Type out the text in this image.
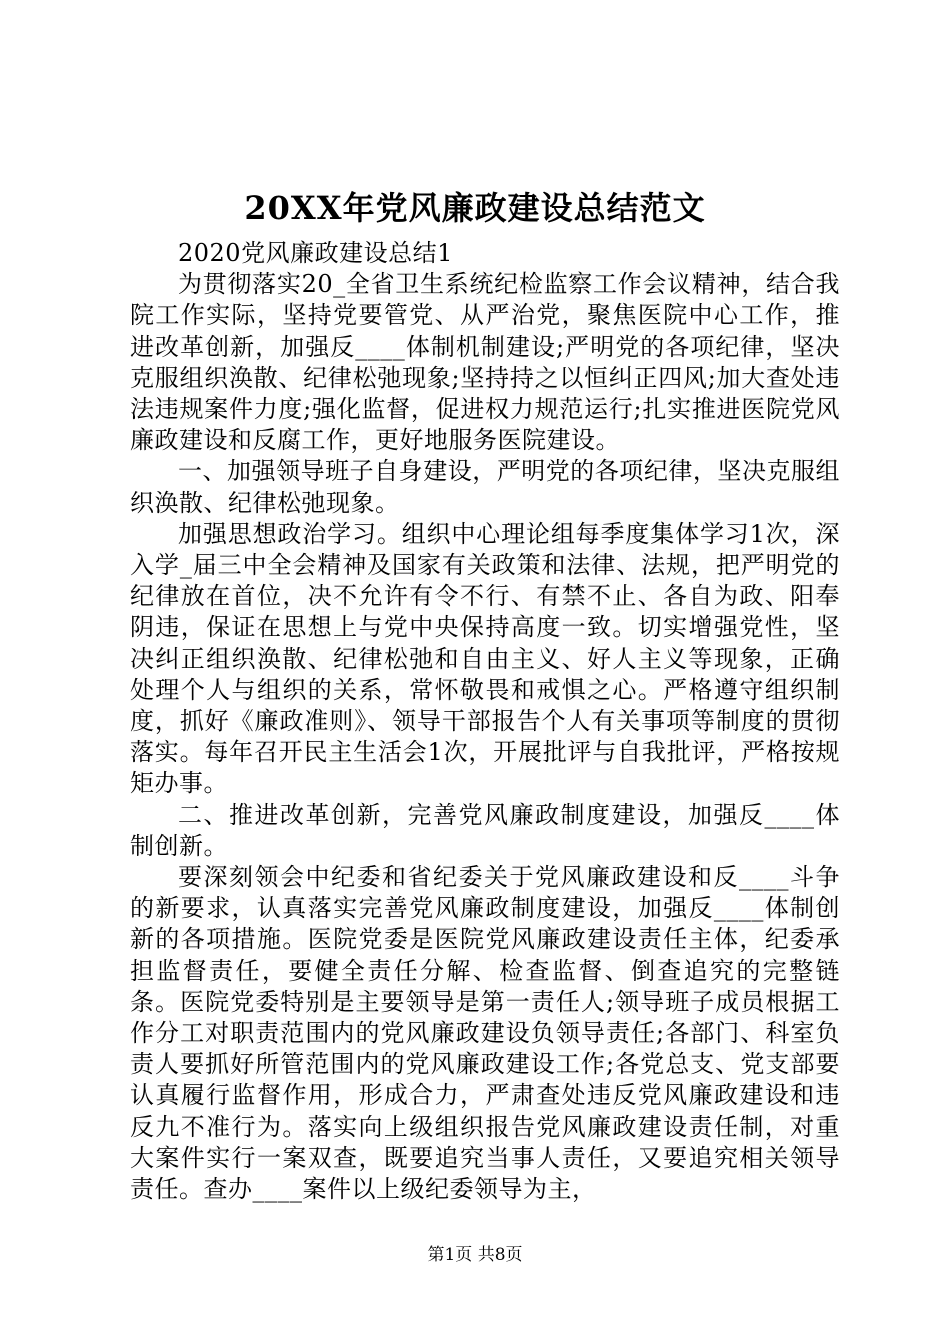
20XX年党风廉政建设总结范文

2020党风廉政建设总结1

为贯彻落实20_全省卫生系统纪检监察工作会议精神，结合我院工作实际，坚持党要管党、从严治党，聚焦医院中心工作，推进改革创新，加强反____体制机制建设;严明党的各项纪律，坚决克服组织涣散、纪律松弛现象;坚持持之以恒纠正四风;加大查处违法违规案件力度;强化监督，促进权力规范运行;扎实推进医院党风廉政建设和反腐工作，更好地服务医院建设。

一、加强领导班子自身建设，严明党的各项纪律，坚决克服组织涣散、纪律松弛现象。

加强思想政治学习。组织中心理论组每季度集体学习1次，深入学_届三中全会精神及国家有关政策和法律、法规，把严明党的纪律放在首位，决不允许有令不行、有禁不止、各自为政、阳奉阴违，保证在思想上与党中央保持高度一致。切实增强党性，坚决纠正组织涣散、纪律松弛和自由主义、好人主义等现象，正确处理个人与组织的关系，常怀敬畏和戒惧之心。严格遵守组织制度，抓好《廉政准则》、领导干部报告个人有关事项等制度的贯彻落实。每年召开民主生活会1次，开展批评与自我批评，严格按规矩办事。

二、推进改革创新，完善党风廉政制度建设，加强反____体制创新。

要深刻领会中纪委和省纪委关于党风廉政建设和反____斗争的新要求，认真落实完善党风廉政制度建设，加强反____体制创新的各项措施。医院党委是医院党风廉政建设责任主体，纪委承担监督责任，要健全责任分解、检查监督、倒查追究的完整链条。医院党委特别是主要领导是第一责任人;领导班子成员根据工作分工对职责范围内的党风廉政建设负领导责任;各部门、科室负责人要抓好所管范围内的党风廉政建设工作;各党总支、党支部要认真履行监督作用，形成合力，严肃查处违反党风廉政建设和违反九不准行为。落实向上级组织报告党风廉政建设责任制，对重大案件实行一案双查，既要追究当事人责任，又要追究相关领导责任。查办____案件以上级纪委领导为主，

第1页 共8页
